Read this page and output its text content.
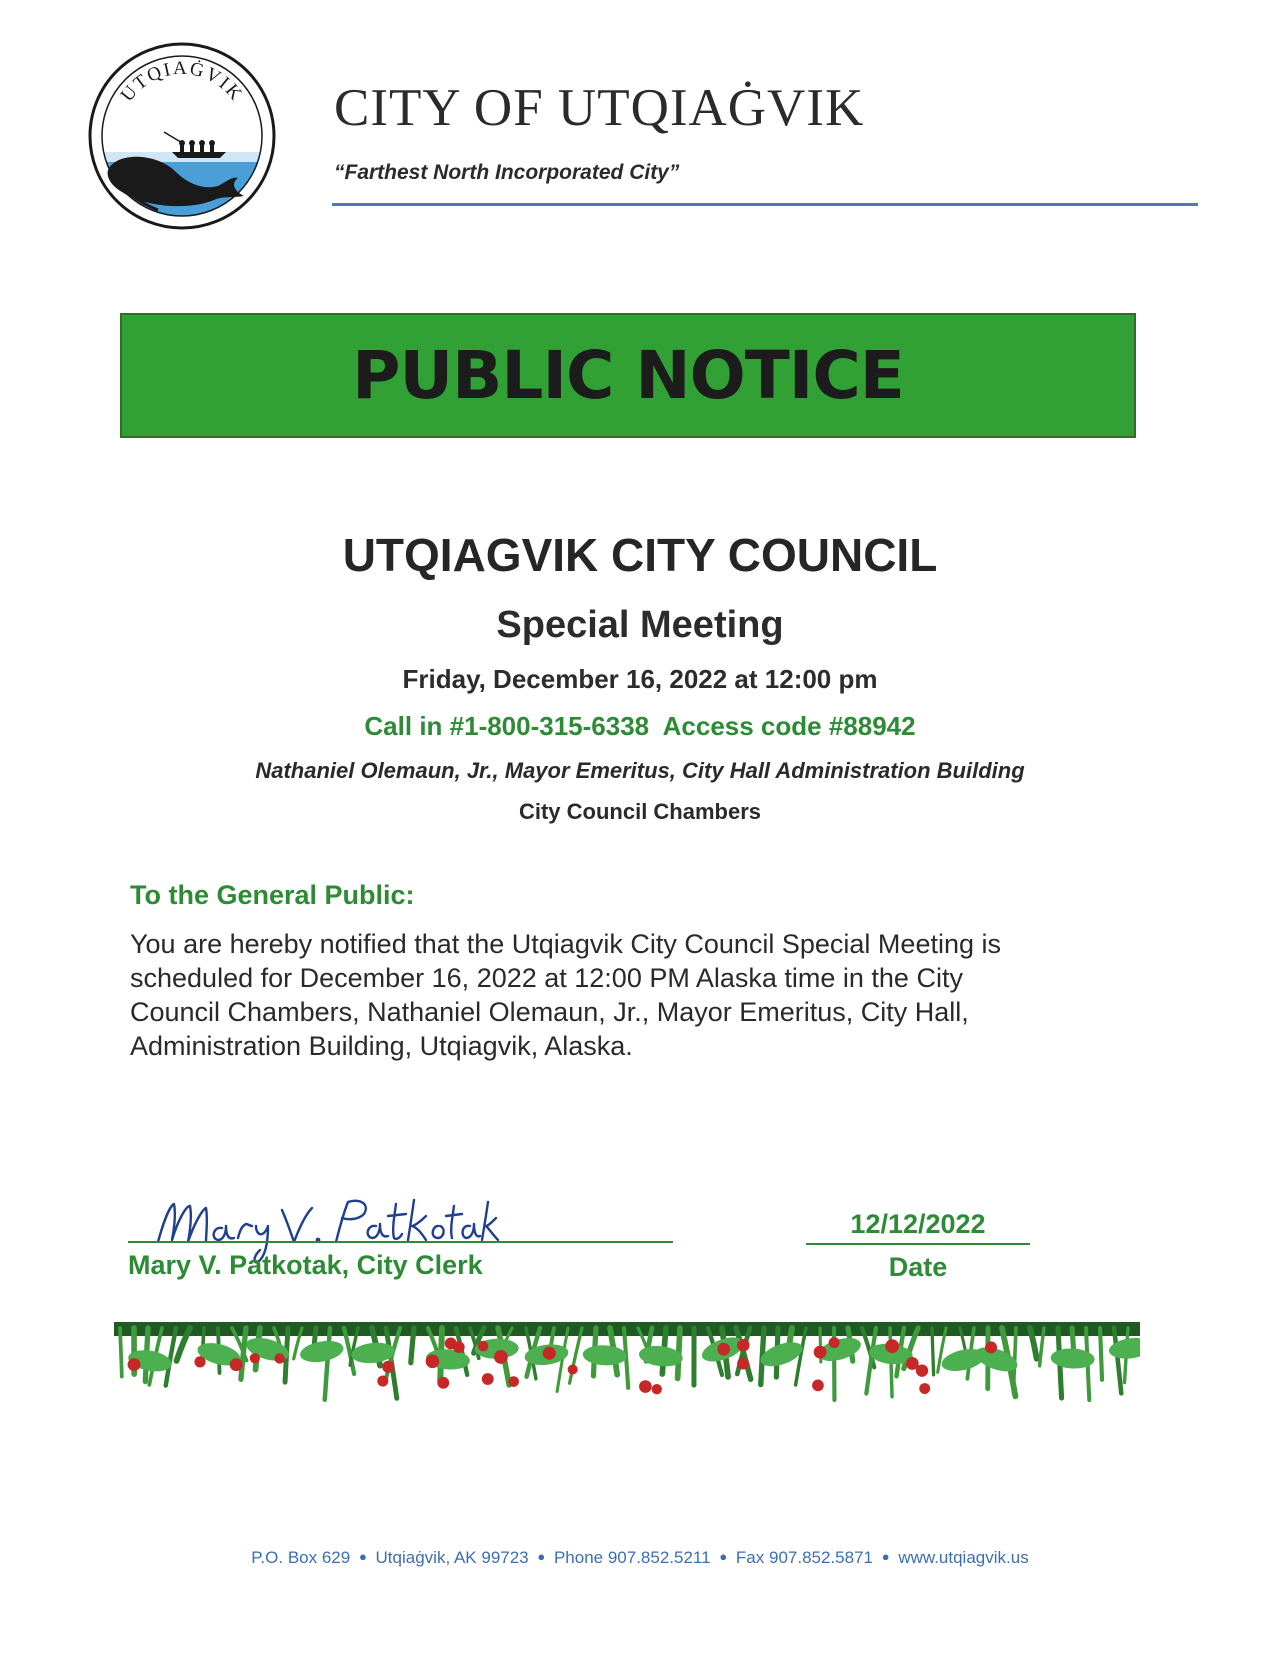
UTQIAĠVIK CITY OF UTQIAĠVIK
“Farthest North Incorporated City”
PUBLIC NOTICE
UTQIAGVIK CITY COUNCIL
Special Meeting
Friday, December 16, 2022 at 12:00 pm
Call in #1-800-315-6338  Access code #88942
Nathaniel Olemaun, Jr., Mayor Emeritus, City Hall Administration Building
City Council Chambers
To the General Public:
You are hereby notified that the Utqiagvik City Council Special Meeting is
scheduled for December 16, 2022 at 12:00 PM Alaska time in the City
Council Chambers, Nathaniel Olemaun, Jr., Mayor Emeritus, City Hall,
Administration Building, Utqiagvik, Alaska.
Mary V. Patkotak, City Clerk
12/12/2022
Date
P.O. Box 629 ● Utqiaġvik, AK 99723 ● Phone 907.852.5211 ● Fax 907.852.5871 ● www.utqiagvik.us
